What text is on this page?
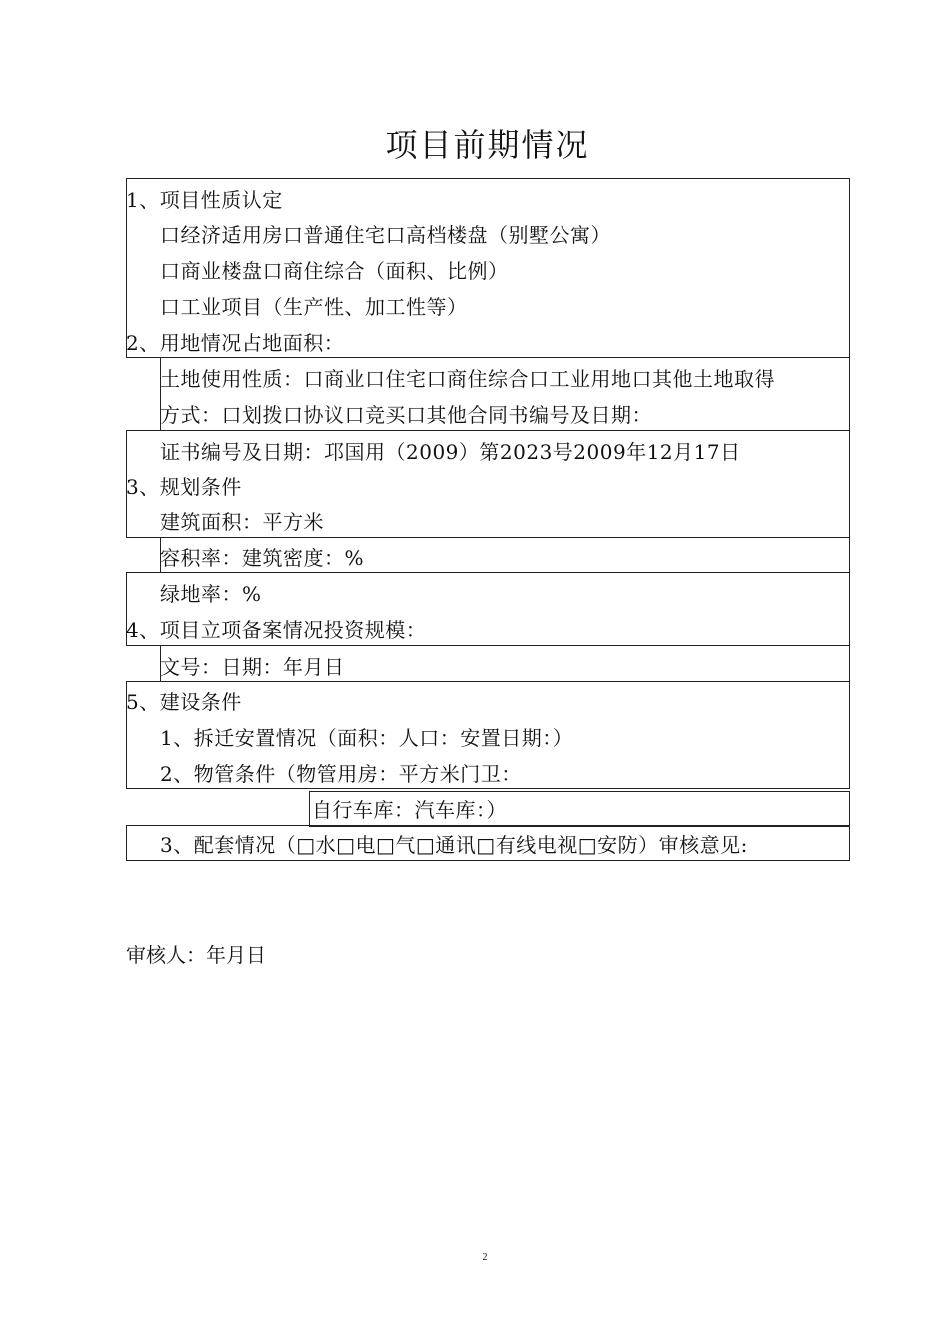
项目前期情况
1、项目性质认定
口经济适用房口普通住宅口高档楼盘（别墅公寓）
口商业楼盘口商住综合（面积、比例）
口工业项目（生产性、加工性等）
2、用地情况占地面积：
土地使用性质：口商业口住宅口商住综合口工业用地口其他土地取得
方式：口划拨口协议口竞买口其他合同书编号及日期：
证书编号及日期：邛国用（2009）第2023号2009年12月17日
3、规划条件
建筑面积：平方米
容积率：建筑密度：%
绿地率：%
4、项目立项备案情况投资规模：
文号：日期：年月日
5、建设条件
1、拆迁安置情况（面积：人口：安置日期：）
2、物管条件（物管用房：平方米门卫：
自行车库：汽车库：）
3、配套情况（□水□电□气□通讯□有线电视□安防）审核意见:
审核人：年月日
2
